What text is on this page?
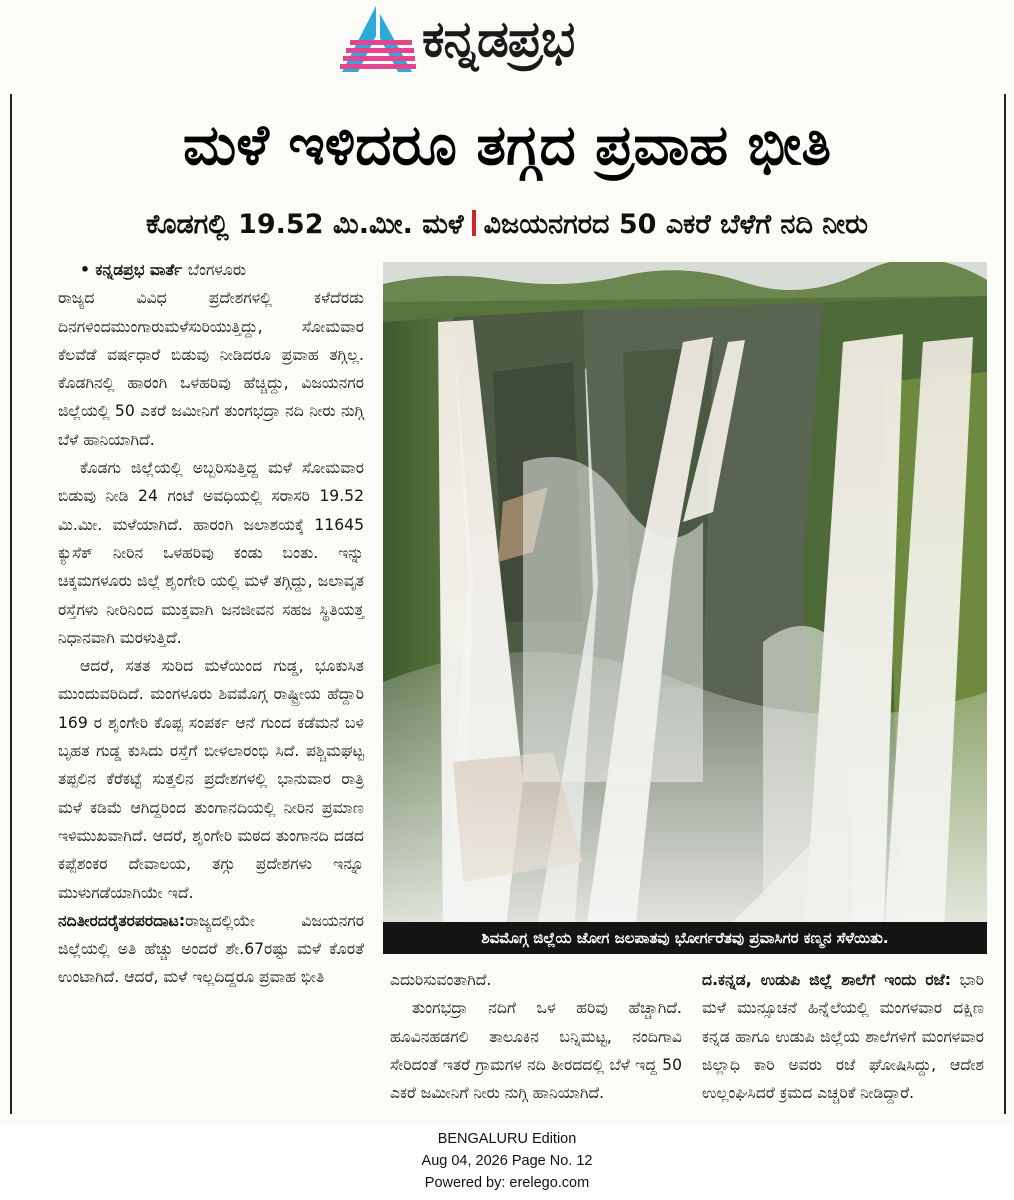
ಕನ್ನಡಪ್ರಭ
ಮಳೆ ಇಳಿದರೂ ತಗ್ಗದ ಪ್ರವಾಹ ಭೀತಿ
ಕೊಡಗಲ್ಲಿ 19.52 ಮಿ.ಮೀ. ಮಳೆ ವಿಜಯನಗರದ 50 ಎಕರೆ ಬೆಳೆಗೆ ನದಿ ನೀರು

• ಕನ್ನಡಪ್ರಭ ವಾರ್ತೆ ಬೆಂಗಳೂರು

ರಾಜ್ಯದ ವಿವಿಧ ಪ್ರದೇಶಗಳಲ್ಲಿ ಕಳೆದೆರಡು ದಿನಗಳಿಂದಮುಂಗಾರುಮಳೆಸುರಿಯುತ್ತಿದ್ದು, ಸೋಮವಾರ ಕೆಲವೆಡೆ ವರ್ಷಧಾರೆ ಬಿಡುವು ನೀಡಿದರೂ ಪ್ರವಾಹ ತಗ್ಗಿಲ್ಲ. ಕೊಡಗಿನಲ್ಲಿ ಹಾರಂಗಿ ಒಳಹರಿವು ಹೆಚ್ಚಿದ್ದು, ವಿಜಯನಗರ ಜಿಲ್ಲೆಯಲ್ಲಿ 50 ಎಕರೆ ಜಮೀನಿಗೆ ತುಂಗಭದ್ರಾ ನದಿ ನೀರು ನುಗ್ಗಿ ಬೆಳೆ ಹಾನಿಯಾಗಿದೆ.

ಕೊಡಗು ಜಿಲ್ಲೆಯಲ್ಲಿ ಅಬ್ಬರಿಸುತ್ತಿದ್ದ ಮಳೆ ಸೋಮವಾರ ಬಿಡುವು ನೀಡಿ 24 ಗಂಟೆ ಅವಧಿಯಲ್ಲಿ ಸರಾಸರಿ 19.52 ಮಿ.ಮೀ. ಮಳೆಯಾಗಿದೆ. ಹಾರಂಗಿ ಜಲಾಶಯಕ್ಕೆ 11645 ಕ್ಯುಸೆಕ್ ನೀರಿನ ಒಳಹರಿವು ಕಂಡು ಬಂತು. ಇನ್ನು ಚಿಕ್ಕಮಗಳೂರು ಜಿಲ್ಲೆ ಶೃಂಗೇರಿ ಯಲ್ಲಿ ಮಳೆ ತಗ್ಗಿದ್ದು, ಜಲಾವೃತ ರಸ್ತೆಗಳು ನೀರಿನಿಂದ ಮುಕ್ತವಾಗಿ ಜನಜೀವನ ಸಹಜ ಸ್ಥಿತಿಯತ್ತ ನಿಧಾನವಾಗಿ ಮರಳುತ್ತಿದೆ.

ಆದರೆ, ಸತತ ಸುರಿದ ಮಳೆಯಿಂದ ಗುಡ್ಡ, ಭೂಕುಸಿತ ಮುಂದುವರಿದಿದೆ. ಮಂಗಳೂರು ಶಿವಮೊಗ್ಗ ರಾಷ್ಟ್ರೀಯ ಹೆದ್ದಾರಿ 169 ರ ಶೃಂಗೇರಿ ಕೊಪ್ಪ ಸಂಪರ್ಕ ಆನೆ ಗುಂದ ಕಡೆಮನೆ ಬಳಿ ಬೃಹತ ಗುಡ್ಡ ಕುಸಿದು ರಸ್ತೆಗೆ ಬೀಳಲಾರಂಭಿ ಸಿದೆ. ಪಶ್ಚಿಮಘಟ್ಟ ತಪ್ಪಲಿನ ಕೆರೆಕಟ್ಟೆ ಸುತ್ತಲಿನ ಪ್ರದೇಶಗಳಲ್ಲಿ ಭಾನುವಾರ ರಾತ್ರಿ ಮಳೆ ಕಡಿಮೆ ಆಗಿದ್ದರಿಂದ ತುಂಗಾನದಿಯಲ್ಲಿ ನೀರಿನ ಪ್ರಮಾಣ ಇಳಿಮುಖವಾಗಿದೆ. ಆದರೆ, ಶೃಂಗೇರಿ ಮಠದ ತುಂಗಾನದಿ ದಡದ ಕಪ್ಪೆಶಂಕರ ದೇವಾಲಯ, ತಗ್ಗು ಪ್ರದೇಶಗಳು ಇನ್ನೂ ಮುಳುಗಡೆಯಾಗಿಯೇ ಇದೆ.

ನದಿತೀರದರೈತರಪರದಾಟ:ರಾಜ್ಯದಲ್ಲಿಯೇ ವಿಜಯನಗರ ಜಿಲ್ಲೆಯಲ್ಲಿ ಅತಿ ಹೆಚ್ಚು ಅಂದರೆ ಶೇ.67ರಷ್ಟು ಮಳೆ ಕೊರತೆ ಉಂಟಾಗಿದೆ. ಆದರೆ, ಮಳೆ ಇಲ್ಲದಿದ್ದರೂ ಪ್ರವಾಹ ಭೀತಿ

ಶಿವಮೊಗ್ಗ ಜಿಲ್ಲೆಯ ಜೋಗ ಜಲಪಾತವು ಭೋರ್ಗರೆತವು ಪ್ರವಾಸಿಗರ ಕಣ್ಮನ ಸೆಳೆಯಿತು.

ಎದುರಿಸುವಂತಾಗಿದೆ.

ತುಂಗಭದ್ರಾ ನದಿಗೆ ಒಳ ಹರಿವು ಹೆಚ್ಚಾಗಿದೆ. ಹೂವಿನಹಡಗಲಿ ತಾಲೂಕಿನ ಬನ್ನಿಮಟ್ಟ, ನಂದಿಗಾವಿ ಸೇರಿದಂತೆ ಇತರೆ ಗ್ರಾಮಗಳ ನದಿ ತೀರದದಲ್ಲಿ ಬೆಳೆ ಇದ್ದ 50 ಎಕರೆ ಜಮೀನಿಗೆ ನೀರು ನುಗ್ಗಿ ಹಾನಿಯಾಗಿದೆ.

ದ.ಕನ್ನಡ, ಉಡುಪಿ ಜಿಲ್ಲೆ ಶಾಲೆಗೆ ಇಂದು ರಜೆ: ಭಾರಿ ಮಳೆ ಮುನ್ಸೂಚನೆ ಹಿನ್ನೆಲೆಯಲ್ಲಿ ಮಂಗಳವಾರ ದಕ್ಷಿಣ ಕನ್ನಡ ಹಾಗೂ ಉಡುಪಿ ಜಿಲ್ಲೆಯ ಶಾಲೆಗಳಿಗೆ ಮಂಗಳವಾರ ಜಿಲ್ಲಾಧಿ ಕಾರಿ ಅವರು ರಜೆ ಘೋಷಿಸಿದ್ದು, ಆದೇಶ ಉಲ್ಲಂಘಿಸಿದರೆ ಕ್ರಮದ ಎಚ್ಚರಿಕೆ ನೀಡಿದ್ದಾರೆ.

BENGALURU Edition
Aug 04, 2026 Page No. 12
Powered by: erelego.com
